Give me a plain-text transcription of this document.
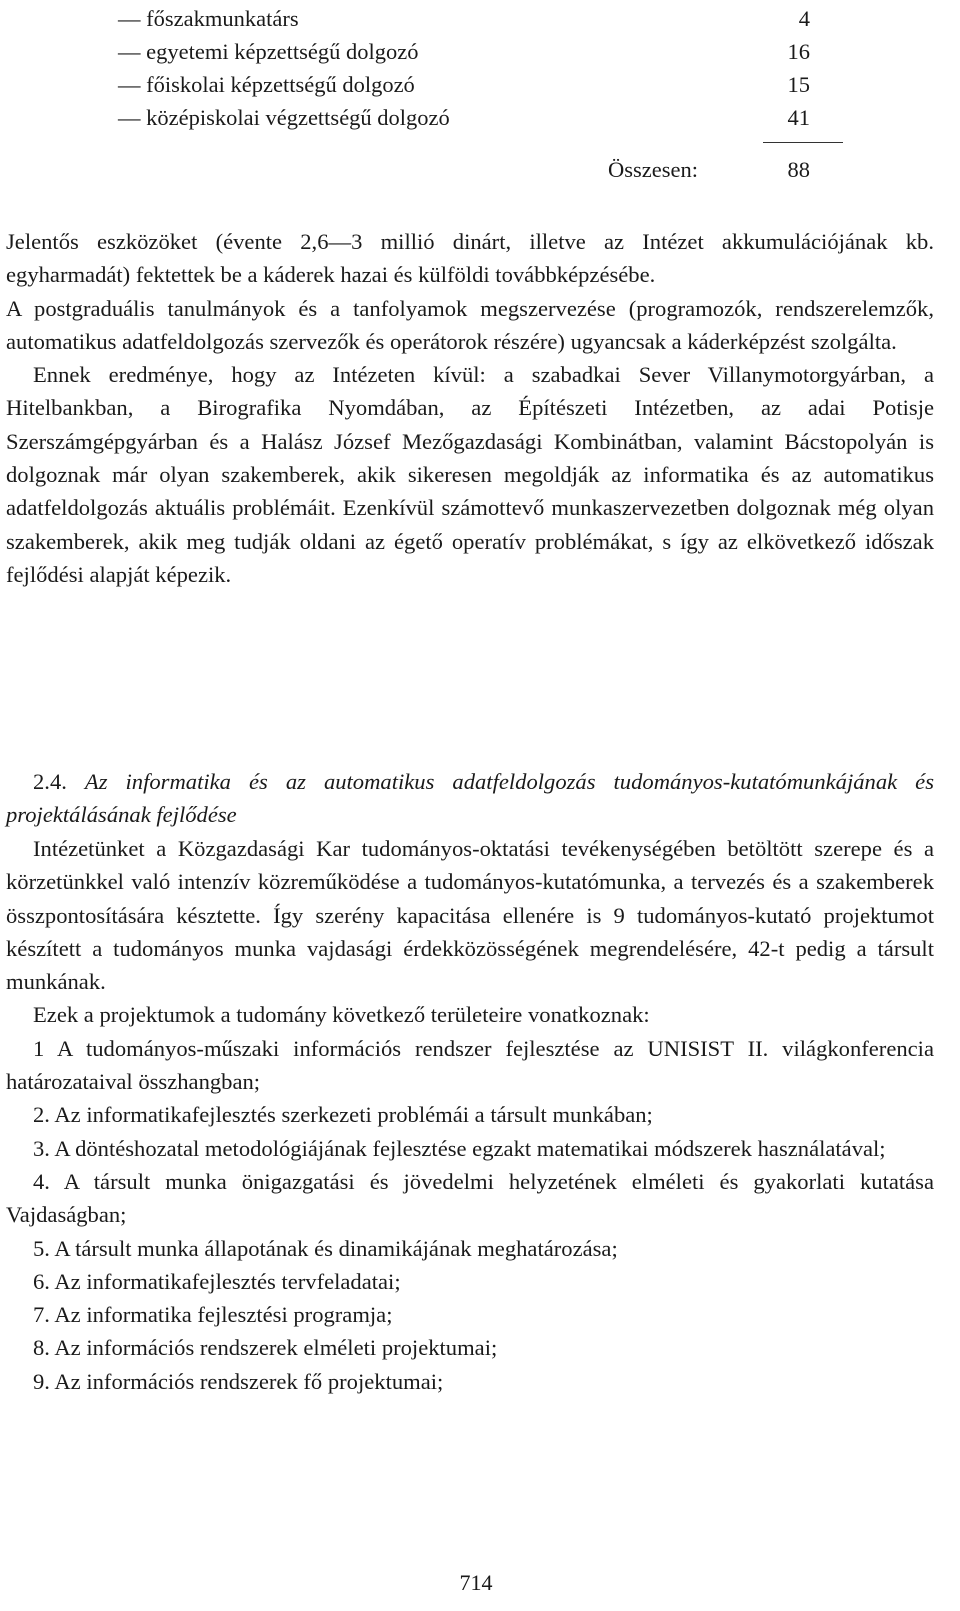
— főszakmunkatárs	4
— egyetemi képzettségű dolgozó	16
— főiskolai képzettségű dolgozó	15
— középiskolai végzettségű dolgozó	41
Összesen:	88

Jelentős eszközöket (évente 2,6—3 millió dinárt, illetve az Intézet akkumulációjának kb. egyharmadát) fektettek be a káderek hazai és külföldi továbbképzésébe.

A postgraduális tanulmányok és a tanfolyamok megszervezése (programozók, rendszerelemzők, automatikus adatfeldolgozás szervezők és operátorok részére) ugyancsak a káderképzést szolgálta.

Ennek eredménye, hogy az Intézeten kívül: a szabadkai Sever Villanymotorgyárban, a Hitelbankban, a Birografika Nyomdában, az Építészeti Intézetben, az adai Potisje Szerszámgépgyárban és a Halász József Mezőgazdasági Kombinátban, valamint Bácstopolyán is dolgoznak már olyan szakemberek, akik sikeresen megoldják az informatika és az automatikus adatfeldolgozás aktuális problémáit. Ezenkívül számottevő munkaszervezetben dolgoznak még olyan szakemberek, akik meg tudják oldani az égető operatív problémákat, s így az elkövetkező időszak fejlődési alapját képezik.

2.4. Az informatika és az automatikus adatfeldolgozás tudományos-kutatómunkájának és projektálásának fejlődése

Intézetünket a Közgazdasági Kar tudományos-oktatási tevékenységében betöltött szerepe és a körzetünkkel való intenzív közreműködése a tudományos-kutatómunka, a tervezés és a szakemberek összpontosítására késztette. Így szerény kapacitása ellenére is 9 tudományos-kutató projektumot készített a tudományos munka vajdasági érdekközösségének megrendelésére, 42-t pedig a társult munkának.

Ezek a projektumok a tudomány következő területeire vonatkoznak:

1 A tudományos-műszaki információs rendszer fejlesztése az UNISIST II. világkonferencia határozataival összhangban;

2. Az informatikafejlesztés szerkezeti problémái a társult munkában;

3. A döntéshozatal metodológiájának fejlesztése egzakt matematikai módszerek használatával;

4. A társult munka önigazgatási és jövedelmi helyzetének elméleti és gyakorlati kutatása Vajdaságban;

5. A társult munka állapotának és dinamikájának meghatározása;

6. Az informatikafejlesztés tervfeladatai;

7. Az informatika fejlesztési programja;

8. Az információs rendszerek elméleti projektumai;

9. Az információs rendszerek fő projektumai;

714
